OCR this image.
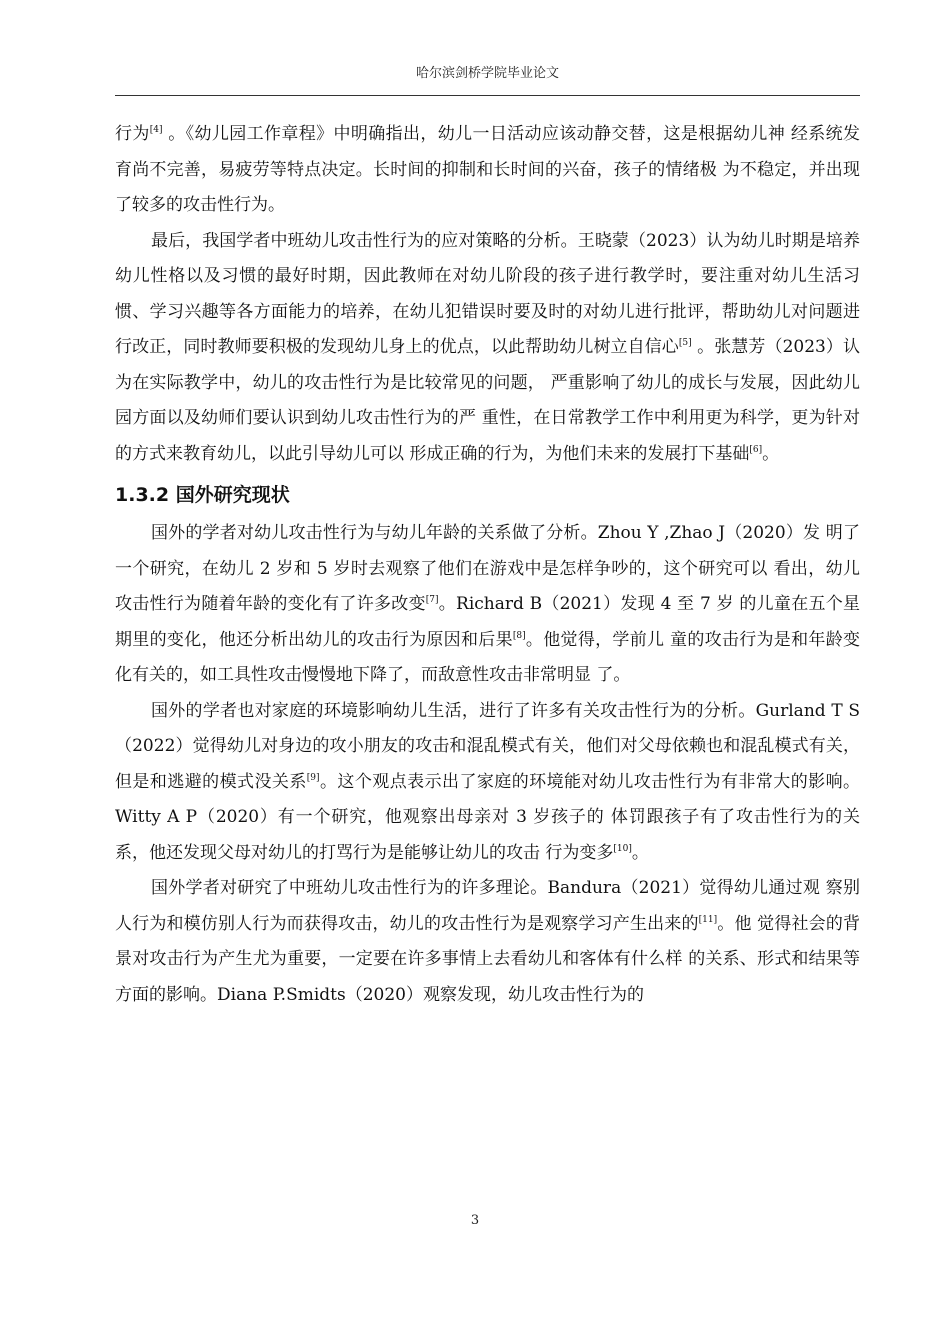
哈尔滨剑桥学院毕业论文

行为[4] 。《幼儿园工作章程》中明确指出，幼儿一日活动应该动静交替，这是根据幼儿神 经系统发育尚不完善，易疲劳等特点决定。长时间的抑制和长时间的兴奋，孩子的情绪极 为不稳定，并出现了较多的攻击性行为。

最后，我国学者中班幼儿攻击性行为的应对策略的分析。王晓蒙（2023）认为幼儿时期是培养幼儿性格以及习惯的最好时期，因此教师在对幼儿阶段的孩子进行教学时，要注重对幼儿生活习惯、学习兴趣等各方面能力的培养，在幼儿犯错误时要及时的对幼儿进行批评，帮助幼儿对问题进行改正，同时教师要积极的发现幼儿身上的优点，以此帮助幼儿树立自信心[5] 。张慧芳（2023）认为在实际教学中，幼儿的攻击性行为是比较常见的问题， 严重影响了幼儿的成长与发展，因此幼儿园方面以及幼师们要认识到幼儿攻击性行为的严 重性，在日常教学工作中利用更为科学，更为针对的方式来教育幼儿，以此引导幼儿可以 形成正确的行为，为他们未来的发展打下基础[6]。

1.3.2 国外研究现状

国外的学者对幼儿攻击性行为与幼儿年龄的关系做了分析。Zhou Y ,Zhao J（2020）发 明了一个研究，在幼儿 2 岁和 5 岁时去观察了他们在游戏中是怎样争吵的，这个研究可以 看出，幼儿攻击性行为随着年龄的变化有了许多改变[7]。Richard B（2021）发现 4 至 7 岁 的儿童在五个星期里的变化，他还分析出幼儿的攻击行为原因和后果[8]。他觉得，学前儿 童的攻击行为是和年龄变化有关的，如工具性攻击慢慢地下降了，而敌意性攻击非常明显 了。

国外的学者也对家庭的环境影响幼儿生活，进行了许多有关攻击性行为的分析。Gurland T S（2022）觉得幼儿对身边的攻小朋友的攻击和混乱模式有关，他们对父母依赖也和混乱模式有关，但是和逃避的模式没关系[9]。这个观点表示出了家庭的环境能对幼儿攻击性行为有非常大的影响。Witty A P（2020）有一个研究，他观察出母亲对 3 岁孩子的 体罚跟孩子有了攻击性行为的关系，他还发现父母对幼儿的打骂行为是能够让幼儿的攻击 行为变多[10]。

国外学者对研究了中班幼儿攻击性行为的许多理论。Bandura（2021）觉得幼儿通过观 察别人行为和模仿别人行为而获得攻击，幼儿的攻击性行为是观察学习产生出来的[11]。他 觉得社会的背景对攻击行为产生尤为重要，一定要在许多事情上去看幼儿和客体有什么样 的关系、形式和结果等方面的影响。Diana P.Smidts（2020）观察发现，幼儿攻击性行为的

3
